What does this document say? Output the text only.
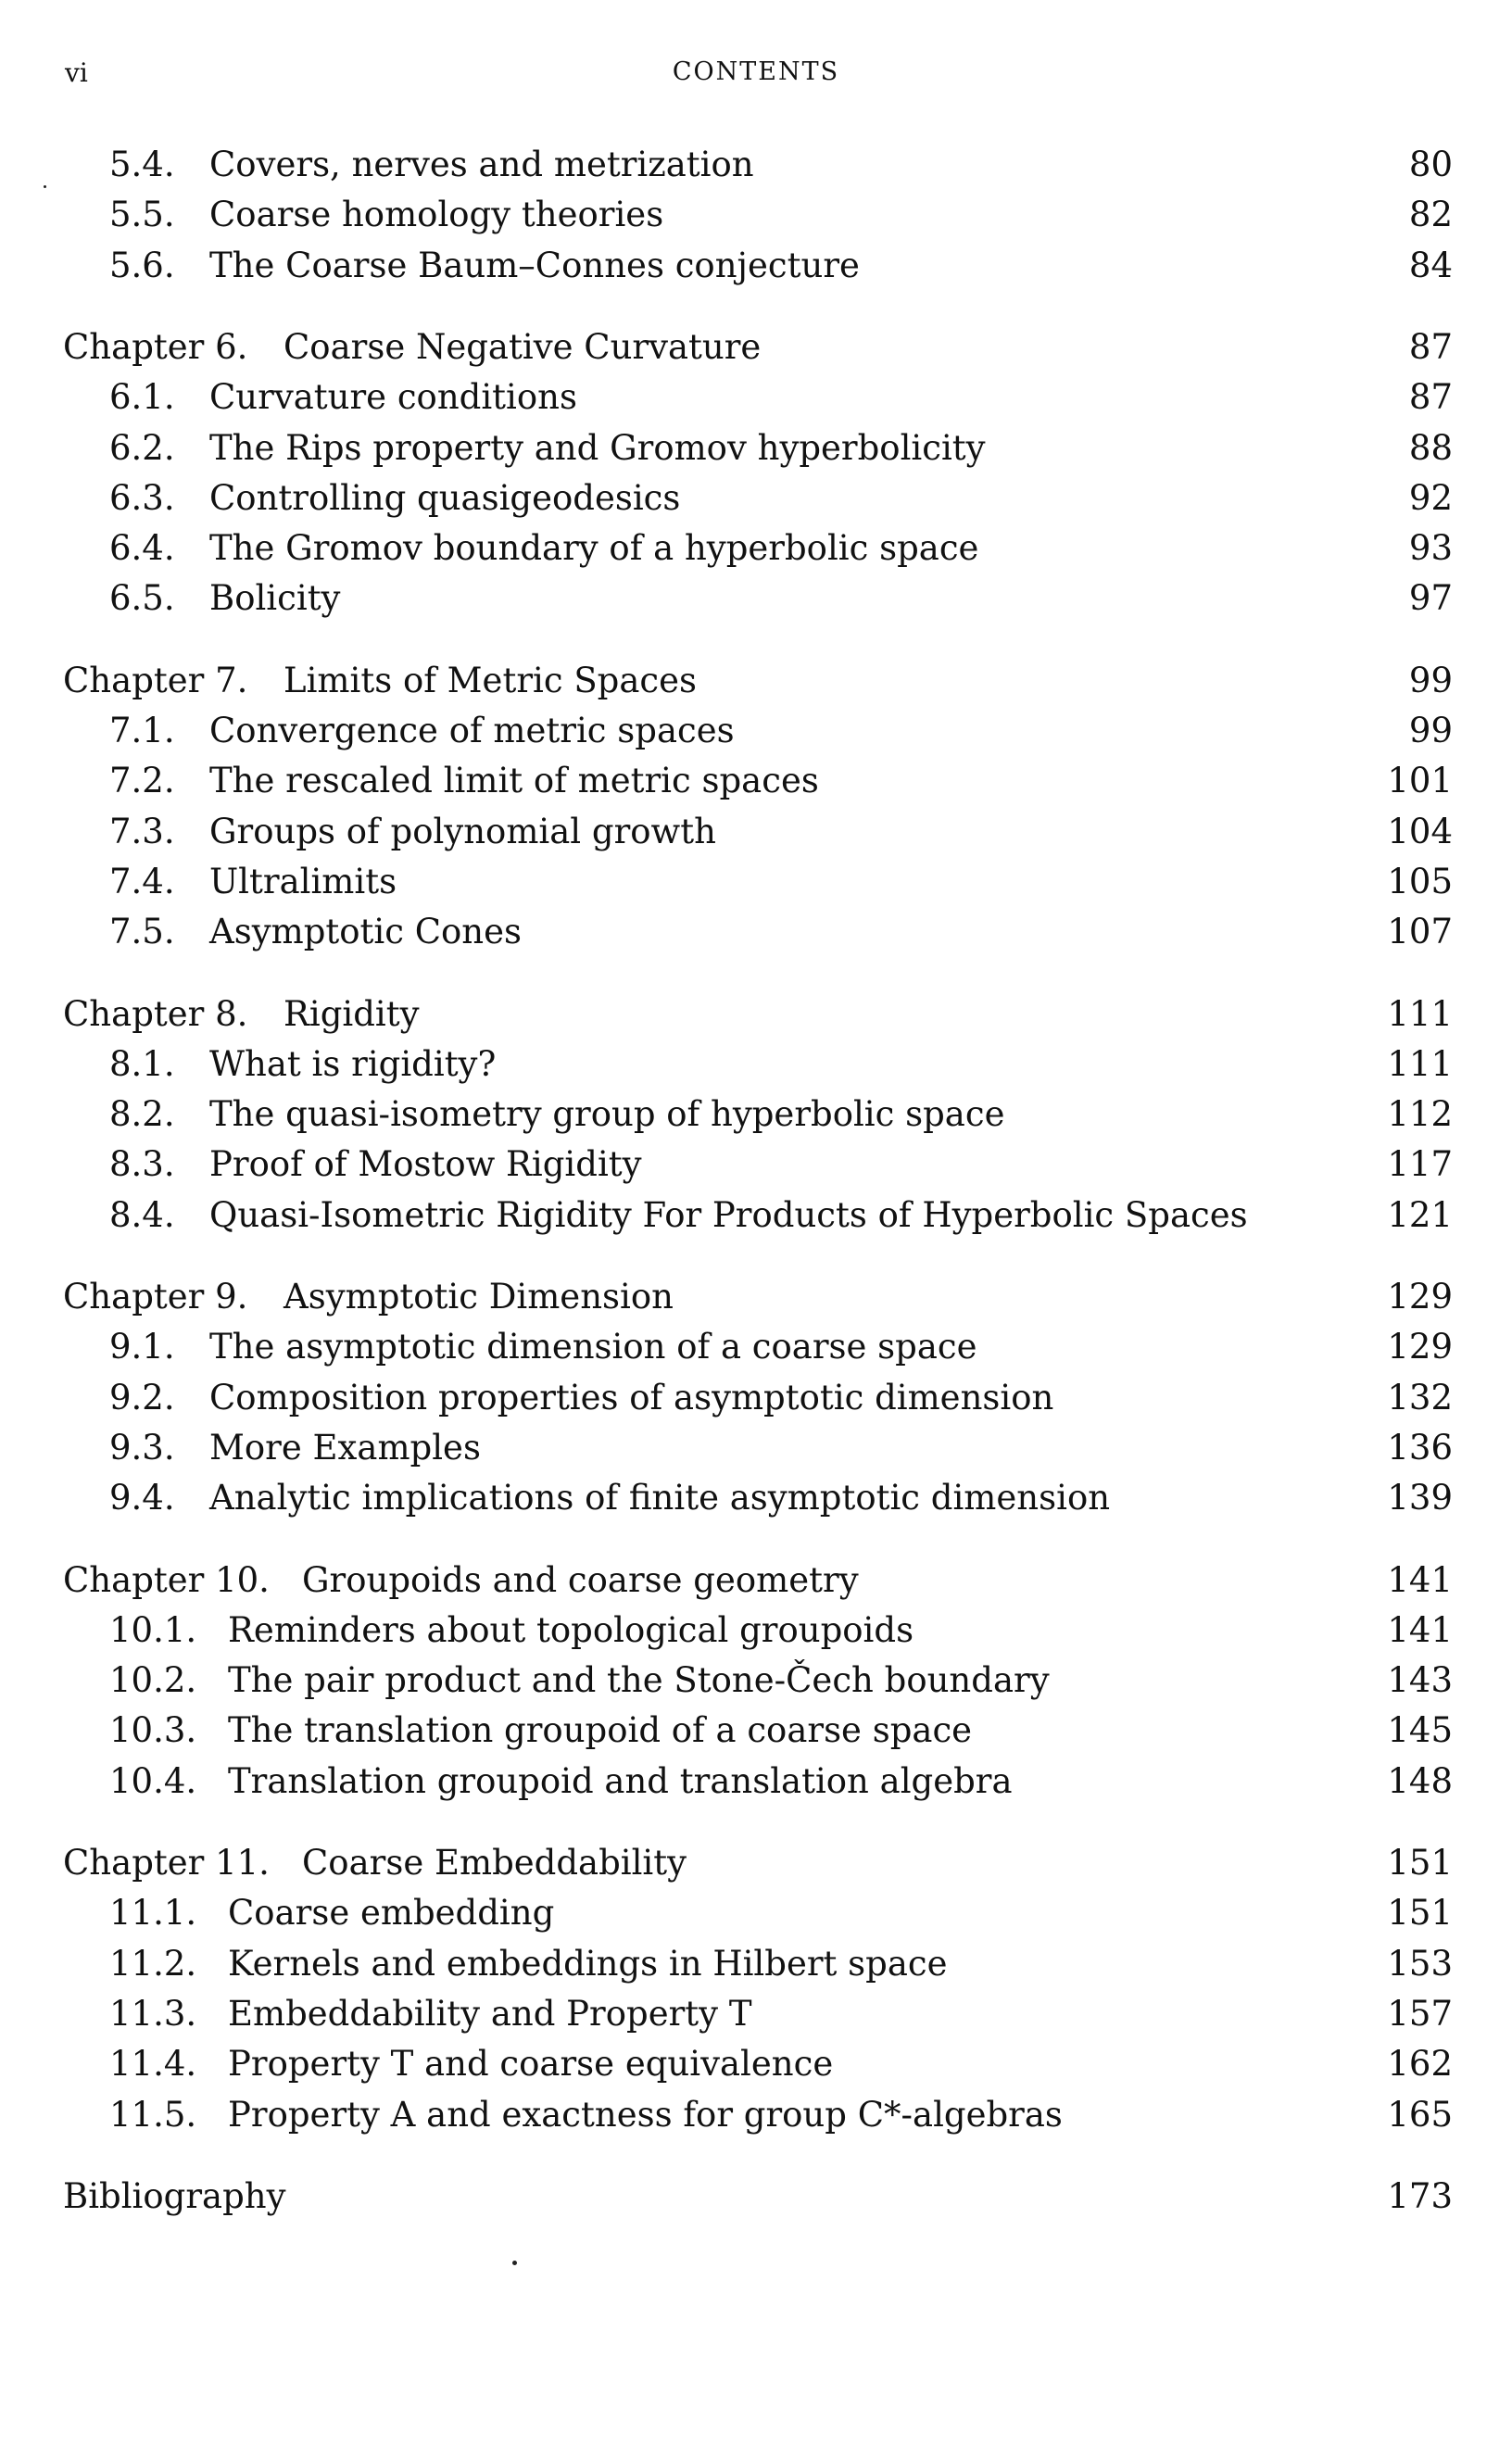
vi	CONTENTS
5.4. Covers, nerves and metrization	80
5.5. Coarse homology theories	82
5.6. The Coarse Baum–Connes conjecture	84
Chapter 6. Coarse Negative Curvature	87
6.1. Curvature conditions	87
6.2. The Rips property and Gromov hyperbolicity	88
6.3. Controlling quasigeodesics	92
6.4. The Gromov boundary of a hyperbolic space	93
6.5. Bolicity	97
Chapter 7. Limits of Metric Spaces	99
7.1. Convergence of metric spaces	99
7.2. The rescaled limit of metric spaces	101
7.3. Groups of polynomial growth	104
7.4. Ultralimits	105
7.5. Asymptotic Cones	107
Chapter 8. Rigidity	111
8.1. What is rigidity?	111
8.2. The quasi-isometry group of hyperbolic space	112
8.3. Proof of Mostow Rigidity	117
8.4. Quasi-Isometric Rigidity For Products of Hyperbolic Spaces	121
Chapter 9. Asymptotic Dimension	129
9.1. The asymptotic dimension of a coarse space	129
9.2. Composition properties of asymptotic dimension	132
9.3. More Examples	136
9.4. Analytic implications of finite asymptotic dimension	139
Chapter 10. Groupoids and coarse geometry	141
10.1. Reminders about topological groupoids	141
10.2. The pair product and the Stone-Čech boundary	143
10.3. The translation groupoid of a coarse space	145
10.4. Translation groupoid and translation algebra	148
Chapter 11. Coarse Embeddability	151
11.1. Coarse embedding	151
11.2. Kernels and embeddings in Hilbert space	153
11.3. Embeddability and Property T	157
11.4. Property T and coarse equivalence	162
11.5. Property A and exactness for group C*-algebras	165
Bibliography	173
